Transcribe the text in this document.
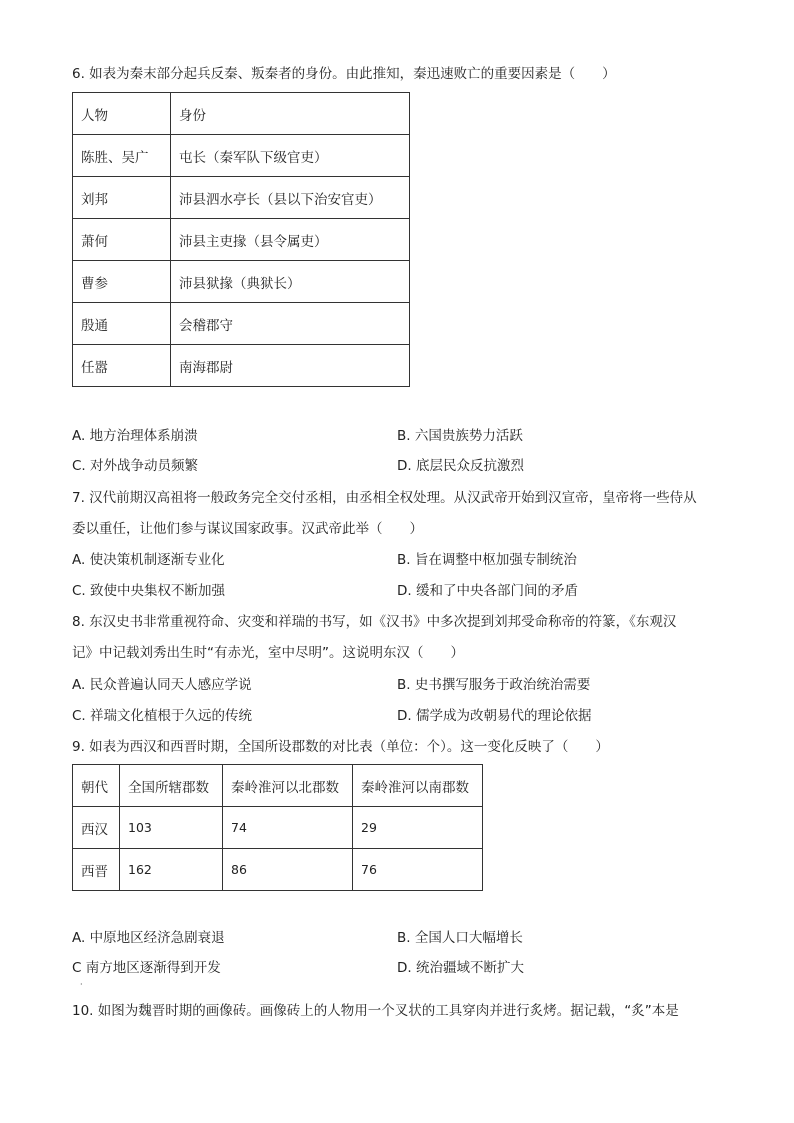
6. 如表为秦末部分起兵反秦、叛秦者的身份。由此推知，秦迅速败亡的重要因素是（　　）
人物	身份
陈胜、吴广	屯长（秦军队下级官吏）
刘邦	沛县泗水亭长（县以下治安官吏）
萧何	沛县主吏掾（县令属吏）
曹参	沛县狱掾（典狱长）
殷通	会稽郡守
任嚣	南海郡尉
A. 地方治理体系崩溃	B. 六国贵族势力活跃
C. 对外战争动员频繁	D. 底层民众反抗激烈
7. 汉代前期汉高祖将一般政务完全交付丞相，由丞相全权处理。从汉武帝开始到汉宣帝，皇帝将一些侍从
委以重任，让他们参与谋议国家政事。汉武帝此举（　　）
A. 使决策机制逐渐专业化	B. 旨在调整中枢加强专制统治
C. 致使中央集权不断加强	D. 缓和了中央各部门间的矛盾
8. 东汉史书非常重视符命、灾变和祥瑞的书写，如《汉书》中多次提到刘邦受命称帝的符篆，《东观汉
记》中记载刘秀出生时“有赤光，室中尽明”。这说明东汉（　　）
A. 民众普遍认同天人感应学说	B. 史书撰写服务于政治统治需要
C. 祥瑞文化植根于久远的传统	D. 儒学成为改朝易代的理论依据
9. 如表为西汉和西晋时期，全国所设郡数的对比表（单位：个）。这一变化反映了（　　）
朝代	全国所辖郡数	秦岭淮河以北郡数	秦岭淮河以南郡数
西汉	103	74	29
西晋	162	86	76
A. 中原地区经济急剧衰退	B. 全国人口大幅增长
C 南方地区逐渐得到开发	D. 统治疆域不断扩大
·
10. 如图为魏晋时期的画像砖。画像砖上的人物用一个叉状的工具穿肉并进行炙烤。据记载，“炙”本是
